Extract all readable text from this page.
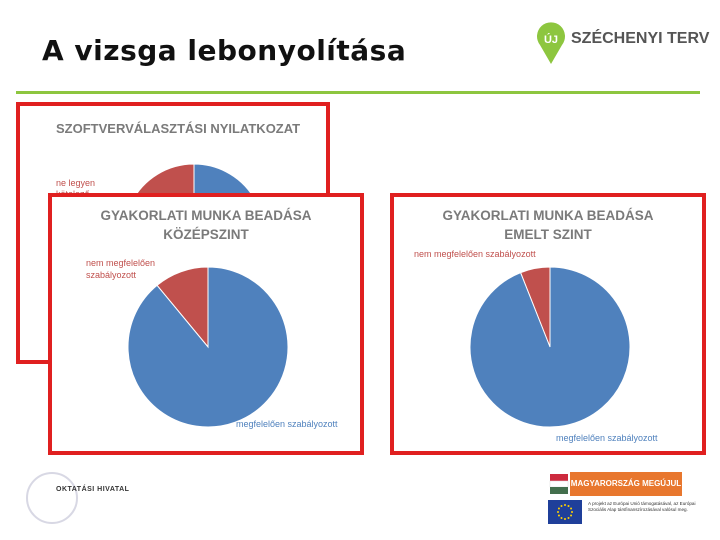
A vizsga lebonyolítása	ÚJ SZÉCHENYI TERV
SZOFTVERVÁLASZTÁSI NYILATKOZAT
ne legyen
GYAKORLATI MUNKA BEADÁSA KÖZÉPSZINT
nem megfelelően szabályozott
megfelelően szabályozott
GYAKORLATI MUNKA BEADÁSA EMELT SZINT
nem megfelelően szabályozott
megfelelően szabályozott
OKTATÁSI HIVATAL
MAGYARORSZÁG MEGÚJUL
A projekt az Európai Unió támogatásával, az Európai Szociális Alap társfinanszírozásával valósul meg.
